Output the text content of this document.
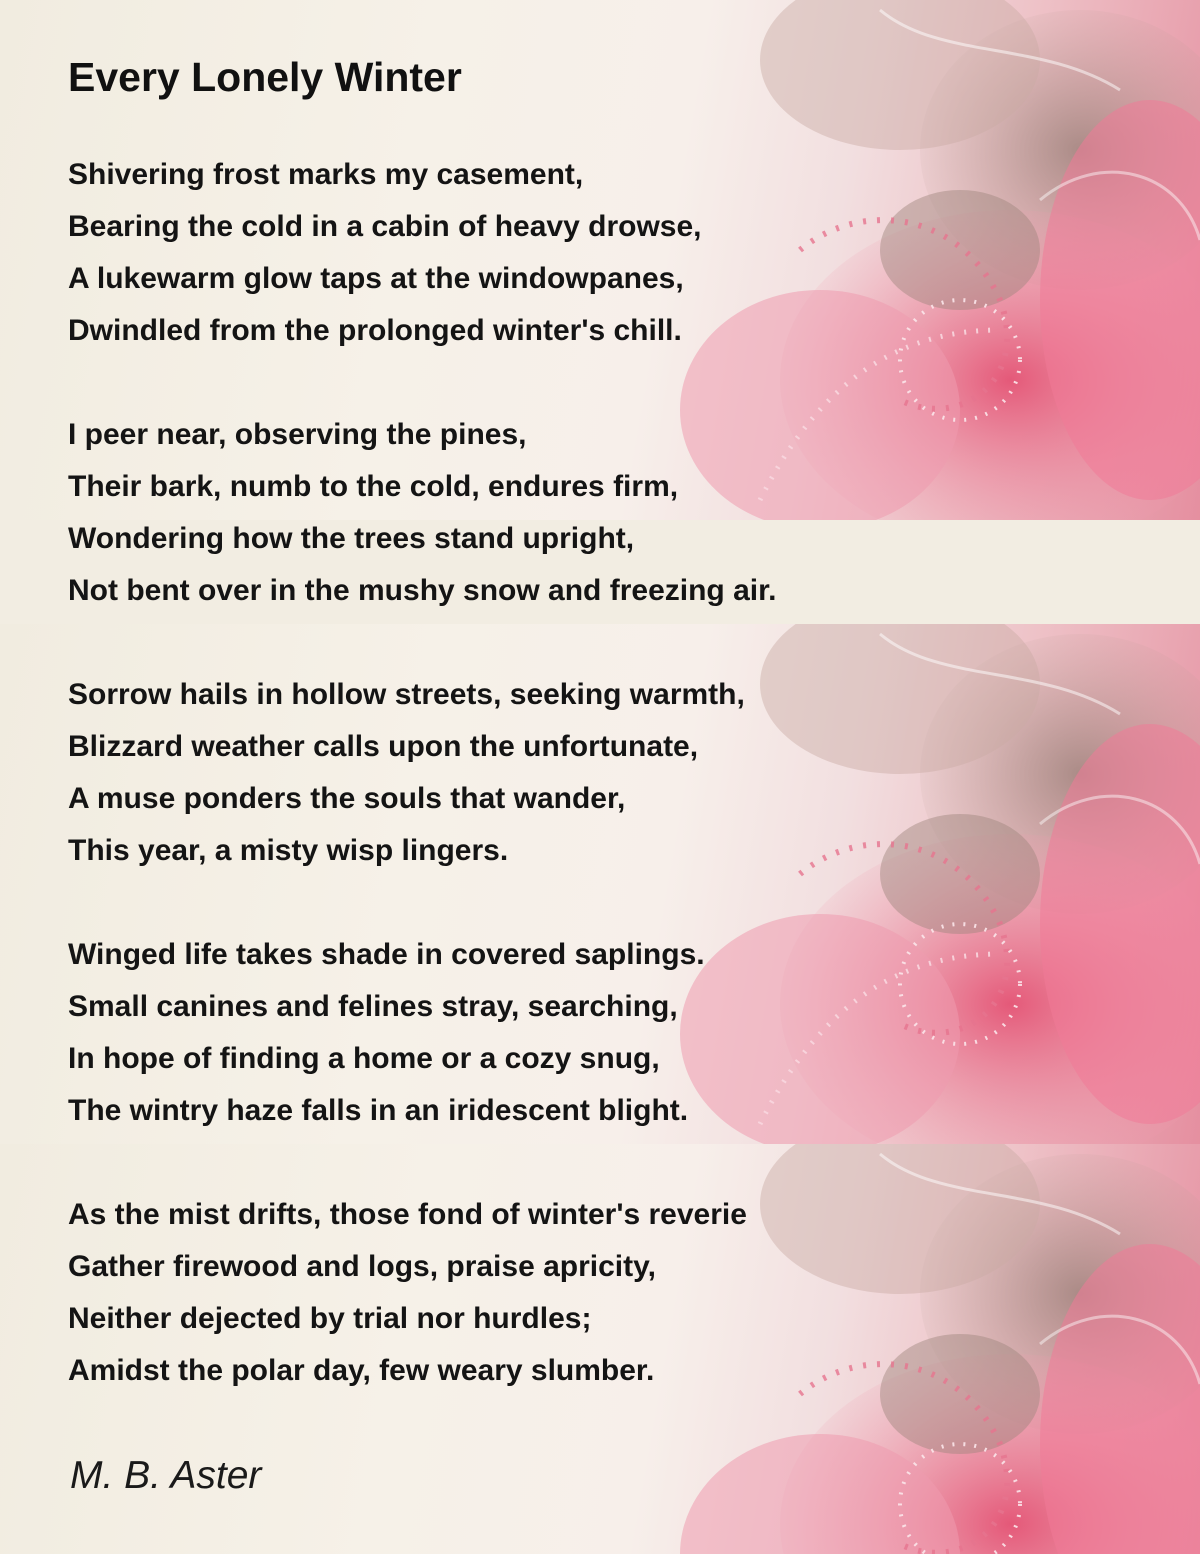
Every Lonely Winter
Shivering frost marks my casement,
Bearing the cold in a cabin of heavy drowse,
A lukewarm glow taps at the windowpanes,
Dwindled from the prolonged winter's chill.
I peer near, observing the pines,
Their bark, numb to the cold, endures firm,
Wondering how the trees stand upright,
Not bent over in the mushy snow and freezing air.
Sorrow hails in hollow streets, seeking warmth,
Blizzard weather calls upon the unfortunate,
A muse ponders the souls that wander,
This year, a misty wisp lingers.
Winged life takes shade in covered saplings.
Small canines and felines stray, searching,
In hope of finding a home or a cozy snug,
The wintry haze falls in an iridescent blight.
As the mist drifts, those fond of winter's reverie
Gather firewood and logs, praise apricity,
Neither dejected by trial nor hurdles;
Amidst the polar day, few weary slumber.
M. B. Aster
